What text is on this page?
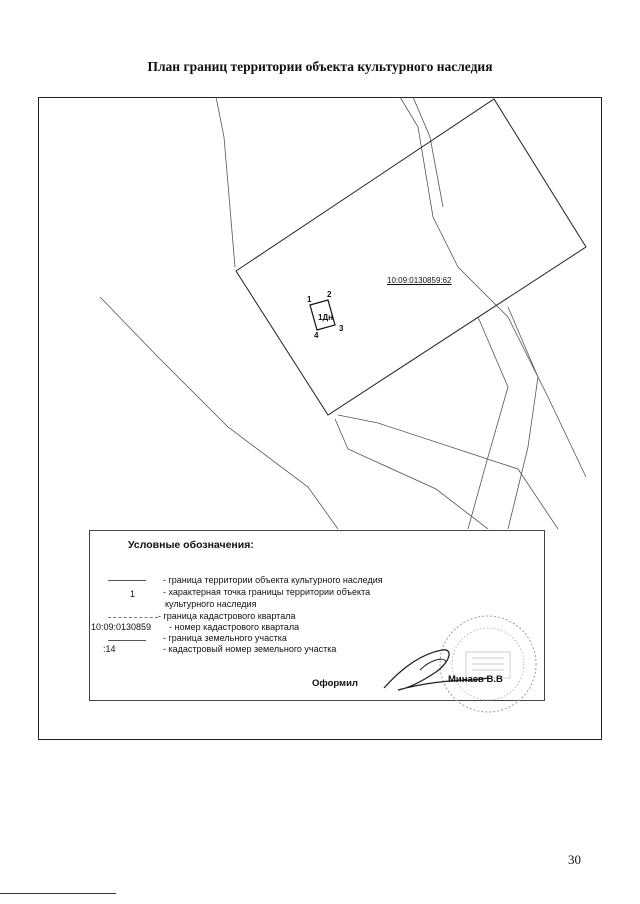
План границ территории объекта культурного наследия
10:09:0130859:62
1Дн
1
2
3
4
Условные обозначения:
1
10:09:0130859
:14
- граница территории объекта культурного наследия
- характерная точка границы территории объекта
культурного наследия
- граница кадастрового квартала
- номер кадастрового квартала
- граница земельного участка
- кадастровый номер земельного участка
Оформил	Минаев В.В
30
